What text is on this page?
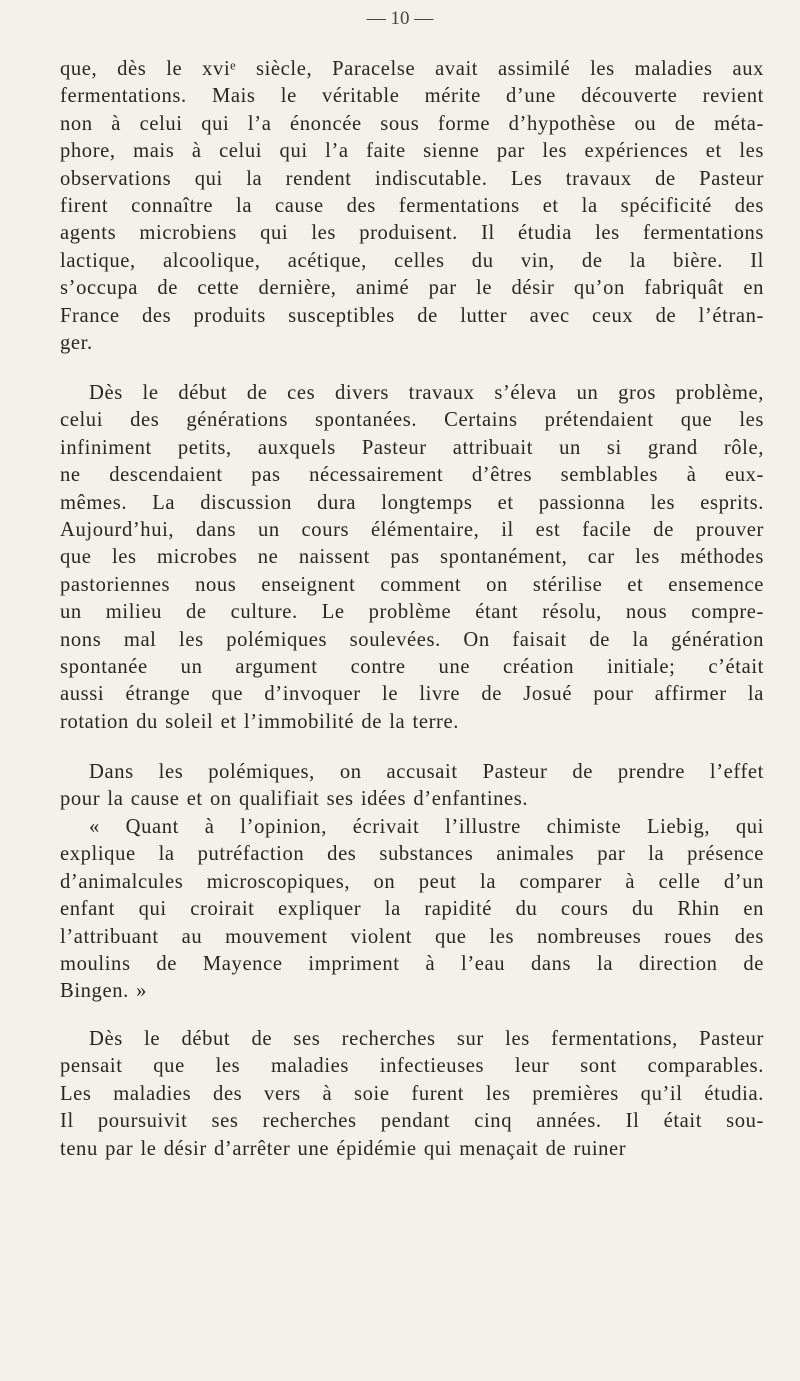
— 10 —
que, dès le xviᵉ siècle, Paracelse avait assimilé les maladies aux
fermentations. Mais le véritable mérite d’une découverte revient
non à celui qui l’a énoncée sous forme d’hypothèse ou de méta-
phore, mais à celui qui l’a faite sienne par les expériences et les
observations qui la rendent indiscutable. Les travaux de Pasteur
firent connaître la cause des fermentations et la spécificité des
agents microbiens qui les produisent. Il étudia les fermentations
lactique, alcoolique, acétique, celles du vin, de la bière. Il
s’occupa de cette dernière, animé par le désir qu’on fabriquât en
France des produits susceptibles de lutter avec ceux de l’étran-
ger.
Dès le début de ces divers travaux s’éleva un gros problème,
celui des générations spontanées. Certains prétendaient que les
infiniment petits, auxquels Pasteur attribuait un si grand rôle,
ne descendaient pas nécessairement d’êtres semblables à eux-
mêmes. La discussion dura longtemps et passionna les esprits.
Aujourd’hui, dans un cours élémentaire, il est facile de prouver
que les microbes ne naissent pas spontanément, car les méthodes
pastoriennes nous enseignent comment on stérilise et ensemence
un milieu de culture. Le problème étant résolu, nous compre-
nons mal les polémiques soulevées. On faisait de la génération
spontanée un argument contre une création initiale; c’était
aussi étrange que d’invoquer le livre de Josué pour affirmer la
rotation du soleil et l’immobilité de la terre.
Dans les polémiques, on accusait Pasteur de prendre l’effet
pour la cause et on qualifiait ses idées d’enfantines.
« Quant à l’opinion, écrivait l’illustre chimiste Liebig, qui
explique la putréfaction des substances animales par la présence
d’animalcules microscopiques, on peut la comparer à celle d’un
enfant qui croirait expliquer la rapidité du cours du Rhin en
l’attribuant au mouvement violent que les nombreuses roues des
moulins de Mayence impriment à l’eau dans la direction de
Bingen. »
Dès le début de ses recherches sur les fermentations, Pasteur
pensait que les maladies infectieuses leur sont comparables.
Les maladies des vers à soie furent les premières qu’il étudia.
Il poursuivit ses recherches pendant cinq années. Il était sou-
tenu par le désir d’arrêter une épidémie qui menaçait de ruiner
